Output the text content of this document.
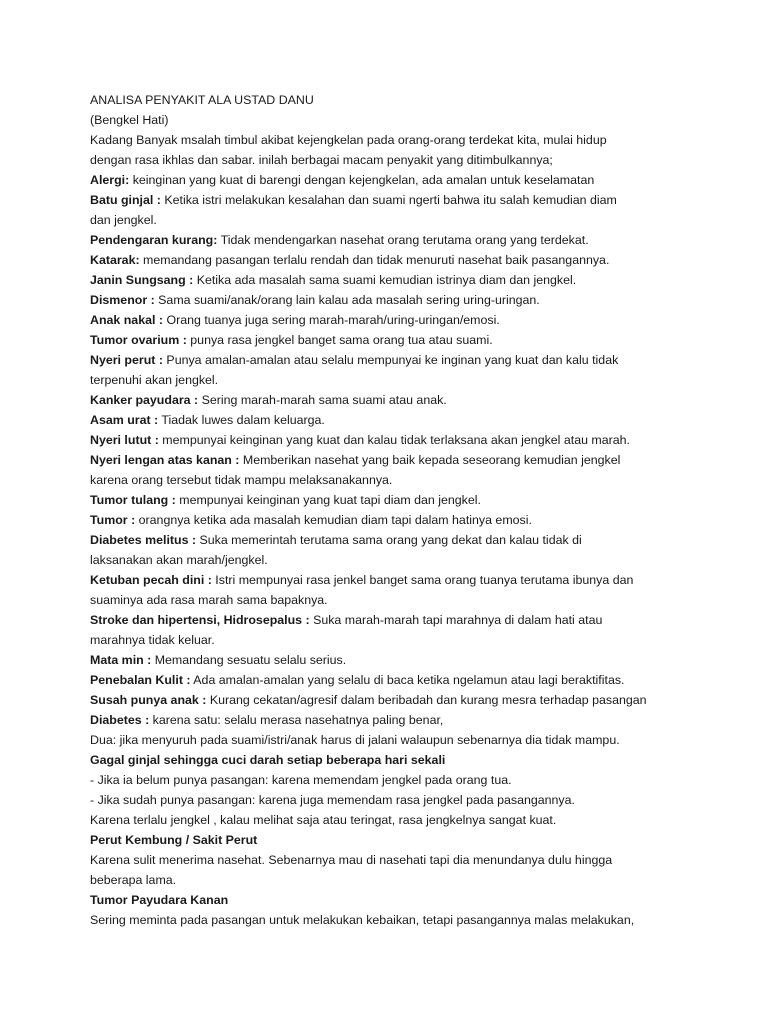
ANALISA PENYAKIT ALA USTAD DANU
(Bengkel Hati)
Kadang Banyak msalah timbul akibat kejengkelan pada orang-orang terdekat kita, mulai hidup
dengan rasa ikhlas dan sabar. inilah berbagai macam penyakit yang ditimbulkannya;
Alergi: keinginan yang kuat di barengi dengan kejengkelan, ada amalan untuk keselamatan
Batu ginjal : Ketika istri melakukan kesalahan dan suami ngerti bahwa itu salah kemudian diam
dan jengkel.
Pendengaran kurang: Tidak mendengarkan nasehat orang terutama orang yang terdekat.
Katarak: memandang pasangan terlalu rendah dan tidak menuruti nasehat baik pasangannya.
Janin Sungsang : Ketika ada masalah sama suami kemudian istrinya diam dan jengkel.
Dismenor : Sama suami/anak/orang lain kalau ada masalah sering uring-uringan.
Anak nakal : Orang tuanya juga sering marah-marah/uring-uringan/emosi.
Tumor ovarium : punya rasa jengkel banget sama orang tua atau suami.
Nyeri perut : Punya amalan-amalan atau selalu mempunyai ke inginan yang kuat dan kalu tidak
terpenuhi akan jengkel.
Kanker payudara : Sering marah-marah sama suami atau anak.
Asam urat : Tiadak luwes dalam keluarga.
Nyeri lutut : mempunyai keinginan yang kuat dan kalau tidak terlaksana akan jengkel atau marah.
Nyeri lengan atas kanan : Memberikan nasehat yang baik kepada seseorang kemudian jengkel
karena orang tersebut tidak mampu melaksanakannya.
Tumor tulang : mempunyai keinginan yang kuat tapi diam dan jengkel.
Tumor : orangnya ketika ada masalah kemudian diam tapi dalam hatinya emosi.
Diabetes melitus : Suka memerintah terutama sama orang yang dekat dan kalau tidak di
laksanakan akan marah/jengkel.
Ketuban pecah dini : Istri mempunyai rasa jenkel banget sama orang tuanya terutama ibunya dan
suaminya ada rasa marah sama bapaknya.
Stroke dan hipertensi, Hidrosepalus : Suka marah-marah tapi marahnya di dalam hati atau
marahnya tidak keluar.
Mata min : Memandang sesuatu selalu serius.
Penebalan Kulit : Ada amalan-amalan yang selalu di baca ketika ngelamun atau lagi beraktifitas.
Susah punya anak : Kurang cekatan/agresif dalam beribadah dan kurang mesra terhadap pasangan
Diabetes : karena satu: selalu merasa nasehatnya paling benar,
Dua: jika menyuruh pada suami/istri/anak harus di jalani walaupun sebenarnya dia tidak mampu.
Gagal ginjal sehingga cuci darah setiap beberapa hari sekali
- Jika ia belum punya pasangan: karena memendam jengkel pada orang tua.
- Jika sudah punya pasangan: karena juga memendam rasa jengkel pada pasangannya.
Karena terlalu jengkel , kalau melihat saja atau teringat, rasa jengkelnya sangat kuat.
Perut Kembung / Sakit Perut
Karena sulit menerima nasehat. Sebenarnya mau di nasehati tapi dia menundanya dulu hingga
beberapa lama.
Tumor Payudara Kanan
Sering meminta pada pasangan untuk melakukan kebaikan, tetapi pasangannya malas melakukan,
